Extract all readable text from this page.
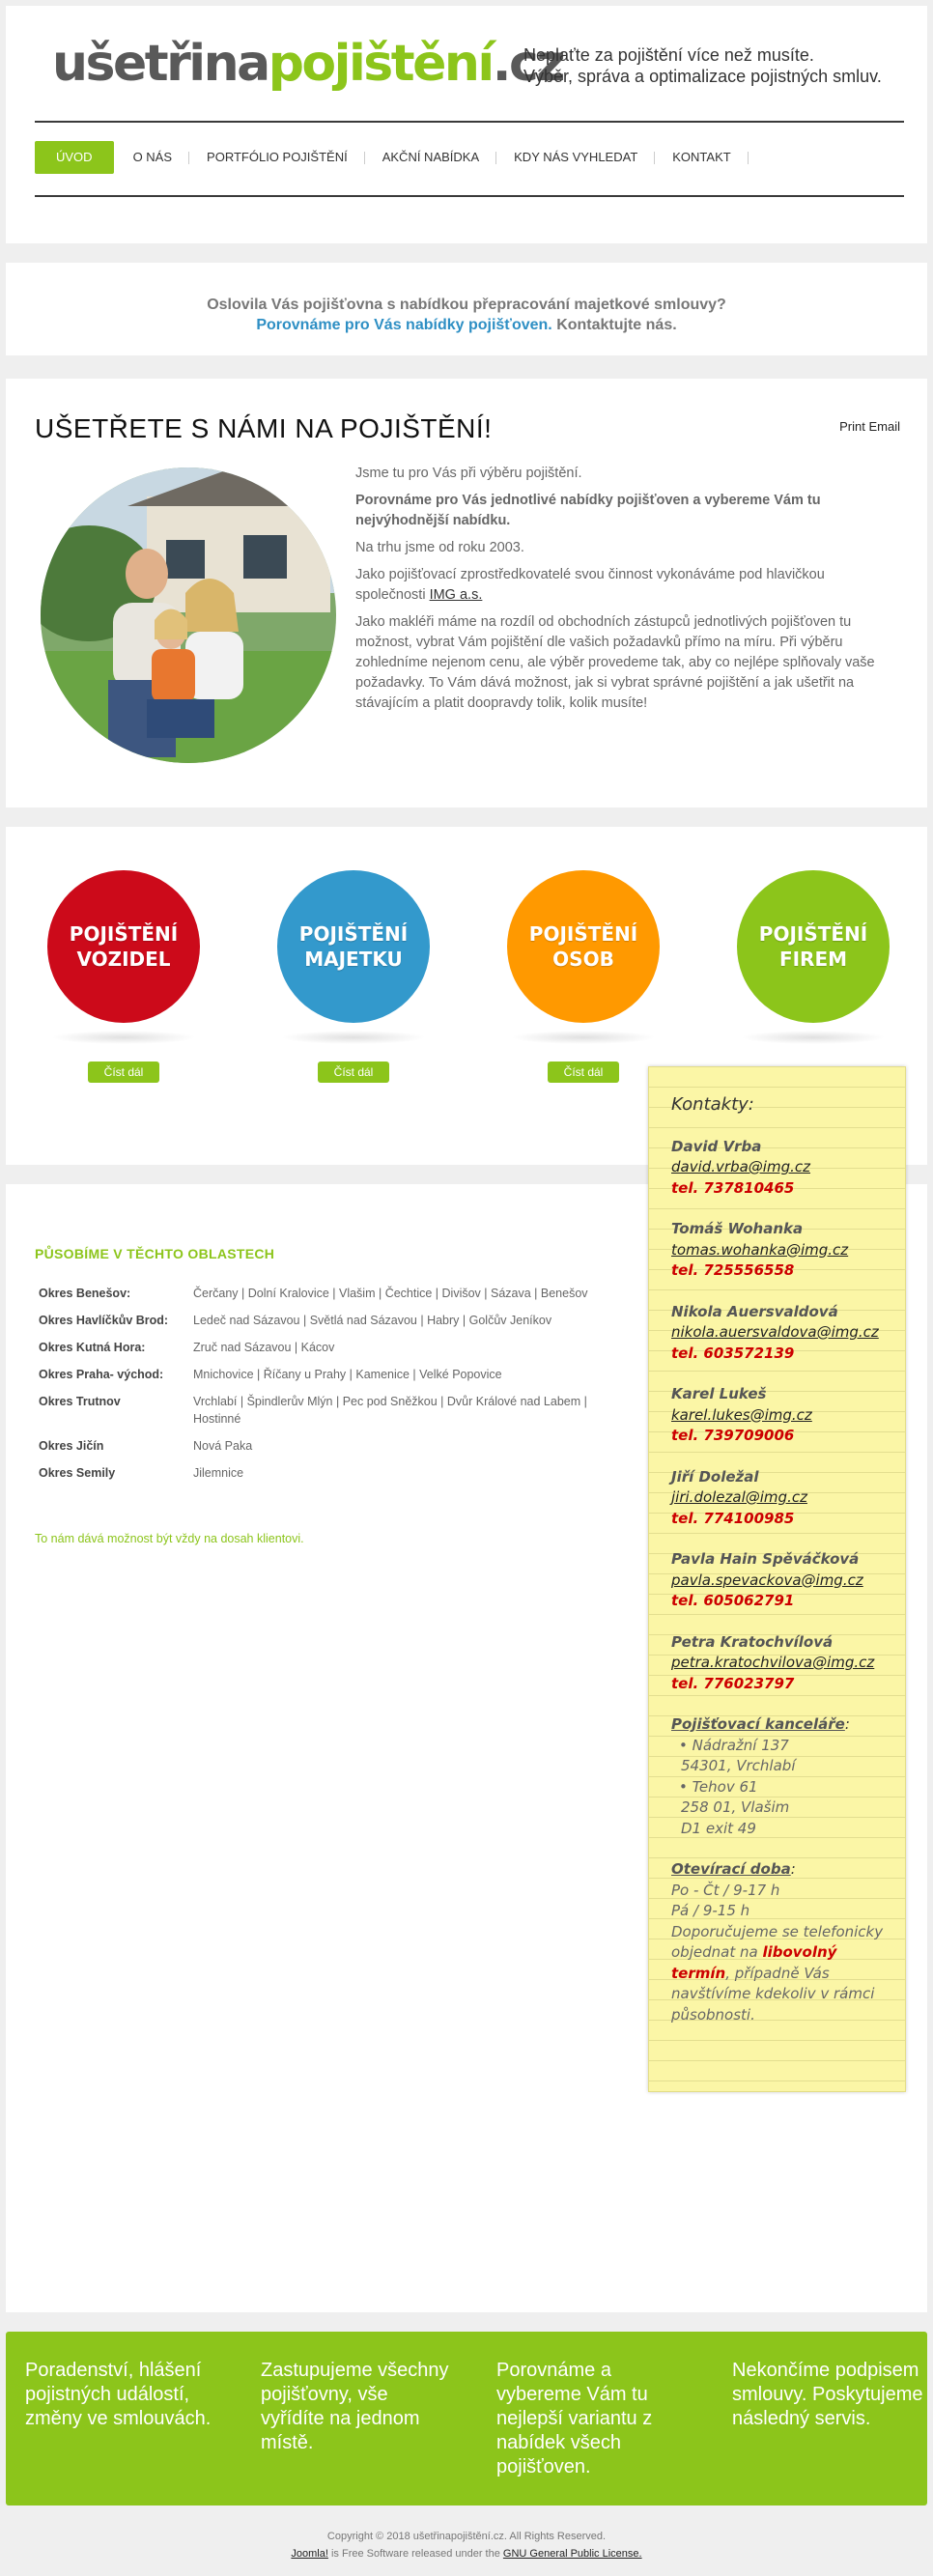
ušetřinapojištění.cz
Neplaťte za pojištění více než musíte.
Výběr, správa a optimalizace pojistných smluv.
ÚVOD	O NÁS	PORTFÓLIO POJIŠTĚNÍ	AKČNÍ NABÍDKA	KDY NÁS VYHLEDAT	KONTAKT
Oslovila Vás pojišťovna s nabídkou přepracování majetkové smlouvy?
Porovnáme pro Vás nabídky pojišťoven. Kontaktujte nás.
UŠETŘETE S NÁMI NA POJIŠTĚNÍ!	Print Email

Jsme tu pro Vás při výběru pojištění.

Porovnáme pro Vás jednotlivé nabídky pojišťoven a vybereme Vám tu nejvýhodnější nabídku.

Na trhu jsme od roku 2003.

Jako pojišťovací zprostředkovatelé svou činnost vykonáváme pod hlavičkou společnosti IMG a.s.

Jako makléři máme na rozdíl od obchodních zástupců jednotlivých pojišťoven tu možnost, vybrat Vám pojištění dle vašich požadavků přímo na míru. Při výběru zohledníme nejenom cenu, ale výběr provedeme tak, aby co nejlépe splňovaly vaše požadavky. To Vám dává možnost, jak si vybrat správné pojištění a jak ušetřit na stávajícím a platit doopravdy tolik, kolik musíte!

POJIŠTĚNÍ
VOZIDEL
Číst dál
POJIŠTĚNÍ
MAJETKU
Číst dál
POJIŠTĚNÍ
OSOB
Číst dál
POJIŠTĚNÍ
FIREM
PŮSOBÍME V TĚCHTO OBLASTECH
Okres Benešov:	Čerčany | Dolní Kralovice | Vlašim | Čechtice | Divišov | Sázava | Benešov
Okres Havlíčkův Brod:	Ledeč nad Sázavou | Světlá nad Sázavou | Habry | Golčův Jeníkov
Okres Kutná Hora:	Zruč nad Sázavou | Kácov
Okres Praha- východ:	Mnichovice | Říčany u Prahy | Kamenice | Velké Popovice
Okres Trutnov	Vrchlabí | Špindlerův Mlýn | Pec pod Sněžkou | Dvůr Králové nad Labem | Hostinné
Okres Jičín	Nová Paka
Okres Semily	Jilemnice
To nám dává možnost být vždy na dosah klientovi.
Kontakty:
David Vrba
david.vrba@img.cz
tel. 737810465
Tomáš Wohanka
tomas.wohanka@img.cz
tel. 725556558
Nikola Auersvaldová
nikola.auersvaldova@img.cz
tel. 603572139
Karel Lukeš
karel.lukes@img.cz
tel. 739709006
Jiří Doležal
jiri.dolezal@img.cz
tel. 774100985
Pavla Hain Spěváčková
pavla.spevackova@img.cz
tel. 605062791
Petra Kratochvílová
petra.kratochvilova@img.cz
tel. 776023797
Pojišťovací kanceláře:
• Nádražní 137
54301, Vrchlabí
• Tehov 61
258 01, Vlašim
D1 exit 49
Otevírací doba:
Po - Čt / 9-17 h
Pá / 9-15 h
Doporučujeme se telefonicky objednat na libovolný termín, případně Vás navštívíme kdekoliv v rámci působnosti.
Poradenství, hlášení pojistných událostí, změny ve smlouvách.
Zastupujeme všechny pojišťovny, vše vyřídíte na jednom místě.
Porovnáme a vybereme Vám tu nejlepší variantu z nabídek všech pojišťoven.
Nekončíme podpisem smlouvy. Poskytujeme následný servis.
Copyright © 2018 ušetřinapojištění.cz. All Rights Reserved.
Joomla! is Free Software released under the GNU General Public License.
